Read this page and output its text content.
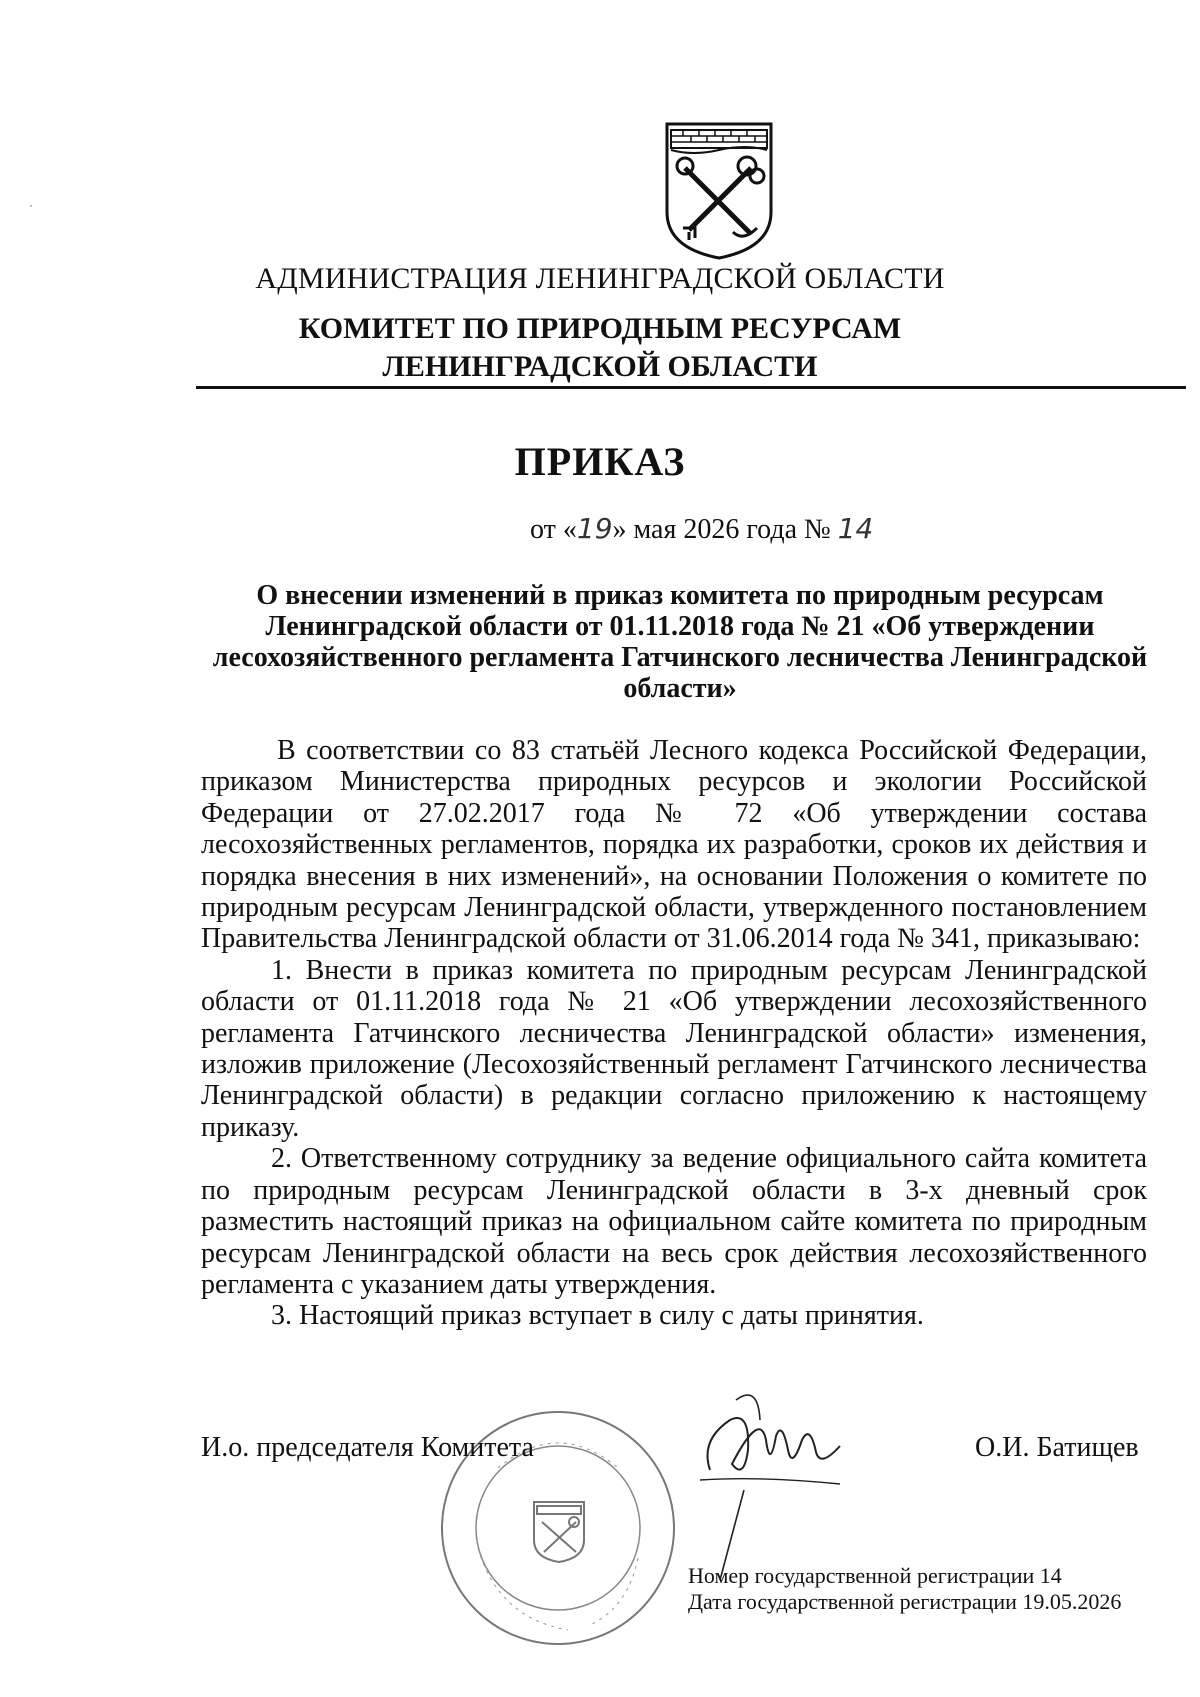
АДМИНИСТРАЦИЯ ЛЕНИНГРАДСКОЙ ОБЛАСТИ
КОМИТЕТ ПО ПРИРОДНЫМ РЕСУРСАМ
ЛЕНИНГРАДСКОЙ ОБЛАСТИ
ПРИКАЗ
от «19» мая 2026 года № 14
О внесении изменений в приказ комитета по природным ресурсам Ленинградской области от 01.11.2018 года № 21 «Об утверждении лесохозяйственного регламента Гатчинского лесничества Ленинградской области»

В соответствии со 83 статьёй Лесного кодекса Российской Федерации, приказом Министерства природных ресурсов и экологии Российской Федерации от 27.02.2017 года № 72 «Об утверждении состава лесохозяйственных регламентов, порядка их разработки, сроков их действия и порядка внесения в них изменений», на основании Положения о комитете по природным ресурсам Ленинградской области, утвержденного постановлением Правительства Ленинградской области от 31.06.2014 года № 341, приказываю:

1. Внести в приказ комитета по природным ресурсам Ленинградской области от 01.11.2018 года № 21 «Об утверждении лесохозяйственного регламента Гатчинского лесничества Ленинградской области» изменения, изложив приложение (Лесохозяйственный регламент Гатчинского лесничества Ленинградской области) в редакции согласно приложению к настоящему приказу.

2. Ответственному сотруднику за ведение официального сайта комитета по природным ресурсам Ленинградской области в 3-х дневный срок разместить настоящий приказ на официальном сайте комитета по природным ресурсам Ленинградской области на весь срок действия лесохозяйственного регламента с указанием даты утверждения.

3. Настоящий приказ вступает в силу с даты принятия.

И.о. председателя Комитета	О.И. Батищев
Номер государственной регистрации 14
Дата государственной регистрации 19.05.2026
